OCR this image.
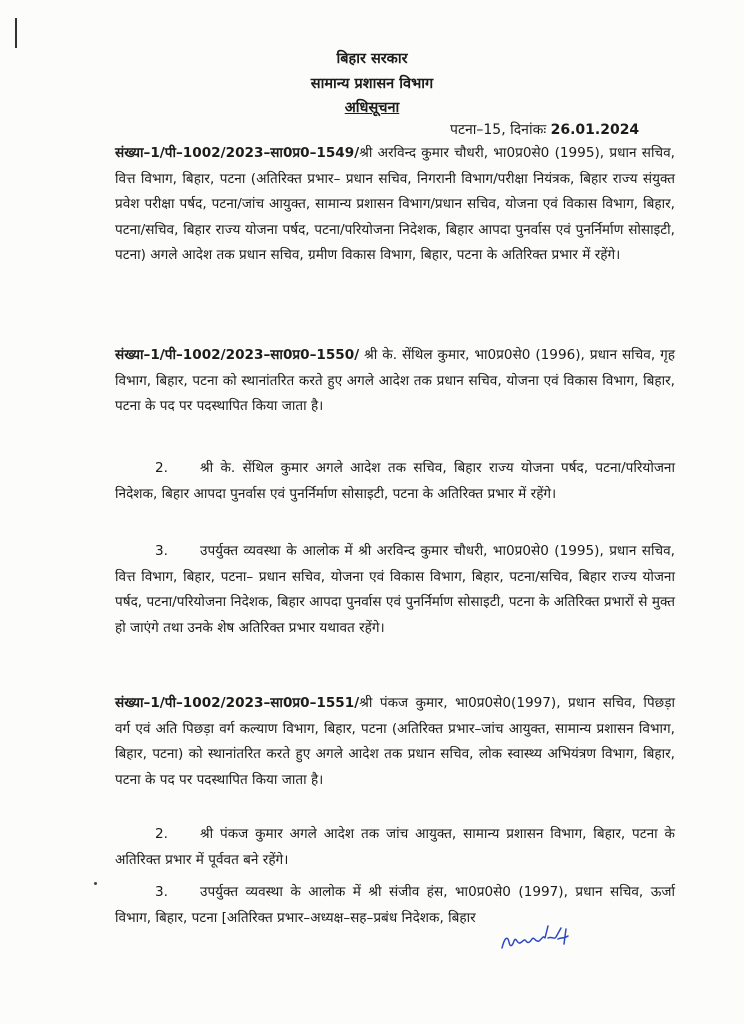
बिहार सरकार
सामान्य प्रशासन विभाग
अधिसूचना
पटना–15, दिनांकः 26.01.2024

संख्या–1/पी–1002/2023–सा0प्र0–1549/श्री अरविन्द कुमार चौधरी, भा0प्र0से0 (1995), प्रधान सचिव, वित्त विभाग, बिहार, पटना (अतिरिक्त प्रभार– प्रधान सचिव, निगरानी विभाग/परीक्षा नियंत्रक, बिहार राज्य संयुक्त प्रवेश परीक्षा पर्षद, पटना/जांच आयुक्त, सामान्य प्रशासन विभाग/प्रधान सचिव, योजना एवं विकास विभाग, बिहार, पटना/सचिव, बिहार राज्य योजना पर्षद, पटना/परियोजना निदेशक, बिहार आपदा पुनर्वास एवं पुनर्निर्माण सोसाइटी, पटना) अगले आदेश तक प्रधान सचिव, ग्रमीण विकास विभाग, बिहार, पटना के अतिरिक्त प्रभार में रहेंगे।

संख्या–1/पी–1002/2023–सा0प्र0–1550/ श्री के. सेंथिल कुमार, भा0प्र0से0 (1996), प्रधान सचिव, गृह विभाग, बिहार, पटना को स्थानांतरित करते हुए अगले आदेश तक प्रधान सचिव, योजना एवं विकास विभाग, बिहार, पटना के पद पर पदस्थापित किया जाता है।

2. श्री के. सेंथिल कुमार अगले आदेश तक सचिव, बिहार राज्य योजना पर्षद, पटना/परियोजना निदेशक, बिहार आपदा पुनर्वास एवं पुनर्निर्माण सोसाइटी, पटना के अतिरिक्त प्रभार में रहेंगे।

3. उपर्युक्त व्यवस्था के आलोक में श्री अरविन्द कुमार चौधरी, भा0प्र0से0 (1995), प्रधान सचिव, वित्त विभाग, बिहार, पटना– प्रधान सचिव, योजना एवं विकास विभाग, बिहार, पटना/सचिव, बिहार राज्य योजना पर्षद, पटना/परियोजना निदेशक, बिहार आपदा पुनर्वास एवं पुनर्निर्माण सोसाइटी, पटना के अतिरिक्त प्रभारों से मुक्त हो जाएंगे तथा उनके शेष अतिरिक्त प्रभार यथावत रहेंगे।

संख्या–1/पी–1002/2023–सा0प्र0–1551/श्री पंकज कुमार, भा0प्र0से0(1997), प्रधान सचिव, पिछड़ा वर्ग एवं अति पिछड़ा वर्ग कल्याण विभाग, बिहार, पटना (अतिरिक्त प्रभार–जांच आयुक्त, सामान्य प्रशासन विभाग, बिहार, पटना) को स्थानांतरित करते हुए अगले आदेश तक प्रधान सचिव, लोक स्वास्थ्य अभियंत्रण विभाग, बिहार, पटना के पद पर पदस्थापित किया जाता है।

2. श्री पंकज कुमार अगले आदेश तक जांच आयुक्त, सामान्य प्रशासन विभाग, बिहार, पटना के अतिरिक्त प्रभार में पूर्ववत बने रहेंगे।

3. उपर्युक्त व्यवस्था के आलोक में श्री संजीव हंस, भा0प्र0से0 (1997), प्रधान सचिव, ऊर्जा विभाग, बिहार, पटना [अतिरिक्त प्रभार–अध्यक्ष–सह–प्रबंध निदेशक, बिहार
